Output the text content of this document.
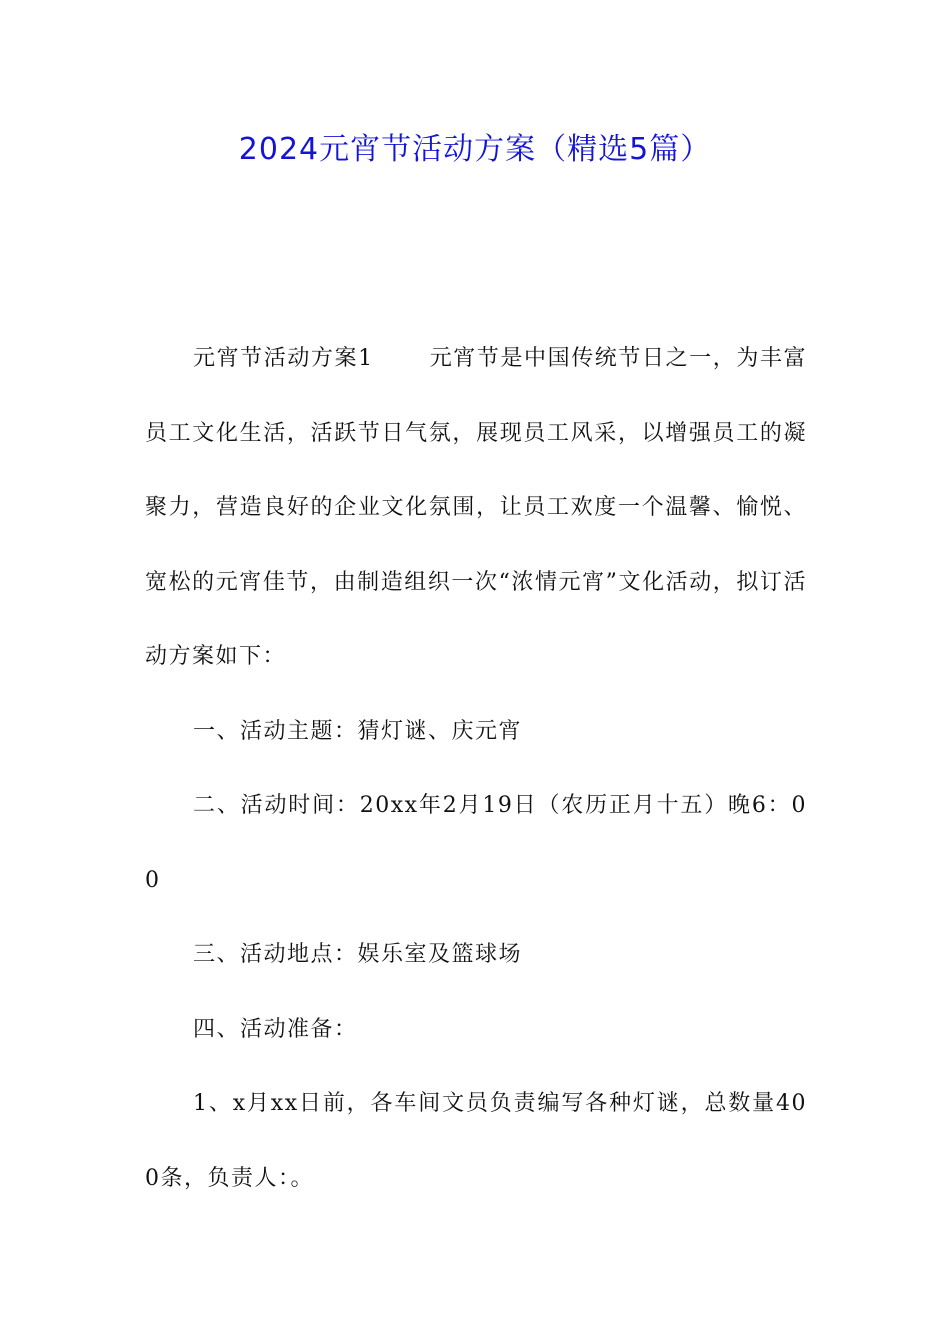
2024元宵节活动方案（精选5篇）

元宵节活动方案1	元宵节是中国传统节日之一，为丰富员工文化生活，活跃节日气氛，展现员工风采，以增强员工的凝聚力，营造良好的企业文化氛围，让员工欢度一个温馨、愉悦、宽松的元宵佳节，由制造组织一次“浓情元宵”文化活动，拟订活动方案如下：

一、活动主题：猜灯谜、庆元宵

二、活动时间：20xx年2月19日（农历正月十五）晚6：00

三、活动地点：娱乐室及篮球场

四、活动准备：

1、x月xx日前，各车间文员负责编写各种灯谜，总数量400条，负责人：。
